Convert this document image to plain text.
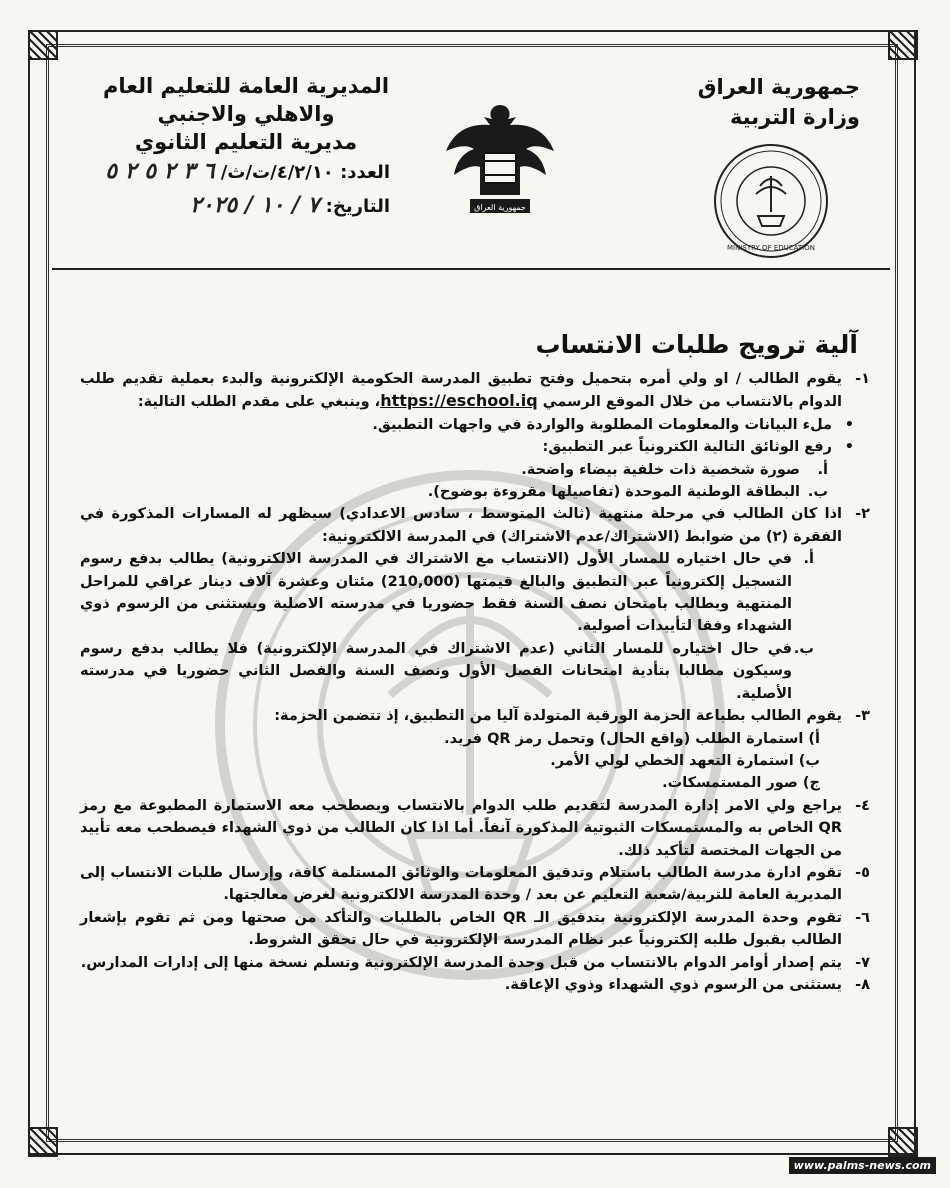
جمهورية العراق
وزارة التربية
المديرية العامة للتعليم العام
والاهلي والاجنبي
مديرية التعليم الثانوي
العدد: ٤/٢/١٠/ت/ث/ ٦ ٣ ٢ ٥ ٢ ٥
التاريخ: ٧ / ١٠ / ٢٠٢٥	جمهورية العراق
MINISTRY OF EDUCATION
آلية ترويج طلبات الانتساب
١-
يقوم الطالب / او ولي أمره بتحميل وفتح تطبيق المدرسة الحكومية الإلكترونية والبدء بعملية تقديم طلب الدوام بالانتساب من خلال الموقع الرسمي https://eschool.iq، وينبغي على مقدم الطلب التالية:
• ملء البيانات والمعلومات المطلوبة والواردة في واجهات التطبيق.
• رفع الوثائق التالية الكترونياً عبر التطبيق:
أ.
صورة شخصية ذات خلفية بيضاء واضحة.
ب.
البطاقة الوطنية الموحدة (تفاصيلها مقروءة بوضوح).
٢-
اذا كان الطالب في مرحلة منتهية (ثالث المتوسط ، سادس الاعدادي) سيظهر له المسارات المذكورة في الفقرة (٢) من ضوابط (الاشتراك/عدم الاشتراك) في المدرسة الالكترونية:
أ.
في حال اختياره للمسار الأول (الانتساب مع الاشتراك في المدرسة الالكترونية) يطالب بدفع رسوم التسجيل إلكترونياً عبر التطبيق والبالغ قيمتها (210,000) مئتان وعشرة آلاف دينار عراقي للمراحل المنتهية ويطالب بامتحان نصف السنة فقط حضوريا في مدرسته الاصلية ويستثنى من الرسوم ذوي الشهداء وفقا لتأييدات أصولية.
ب.
في حال اختياره للمسار الثاني (عدم الاشتراك في المدرسة الإلكترونية) فلا يطالب بدفع رسوم وسيكون مطالبا بتأدية امتحانات الفصل الأول ونصف السنة والفصل الثاني حضوريا في مدرسته الأصلية.
٣-
يقوم الطالب بطباعة الحزمة الورقية المتولدة آليا من التطبيق، إذ تتضمن الحزمة:
أ) استمارة الطلب (واقع الحال) وتحمل رمز QR فريد.
ب) استمارة التعهد الخطي لولي الأمر.
ج) صور المستمسكات.
٤-
يراجع ولي الامر إدارة المدرسة لتقديم طلب الدوام بالانتساب ويصطحب معه الاستمارة المطبوعة مع رمز QR الخاص به والمستمسكات الثبوتية المذكورة آنفاً. أما اذا كان الطالب من ذوي الشهداء فيصطحب معه تأييد من الجهات المختصة لتأكيد ذلك.
٥-
تقوم ادارة مدرسة الطالب باستلام وتدقيق المعلومات والوثائق المستلمة كافة، وإرسال طلبات الانتساب إلى المديرية العامة للتربية/شعبة التعليم عن بعد / وحدة المدرسة الالكترونية لغرض معالجتها.
٦-
تقوم وحدة المدرسة الإلكترونية بتدقيق الـ QR الخاص بالطلبات والتأكد من صحتها ومن ثم تقوم بإشعار الطالب بقبول طلبه إلكترونياً عبر نظام المدرسة الإلكترونية في حال تحقق الشروط.
٧-
يتم إصدار أوامر الدوام بالانتساب من قبل وحدة المدرسة الإلكترونية وتسلم نسخة منها إلى إدارات المدارس.
٨-
يستثنى من الرسوم ذوي الشهداء وذوي الإعاقة.
www.palms-news.com
